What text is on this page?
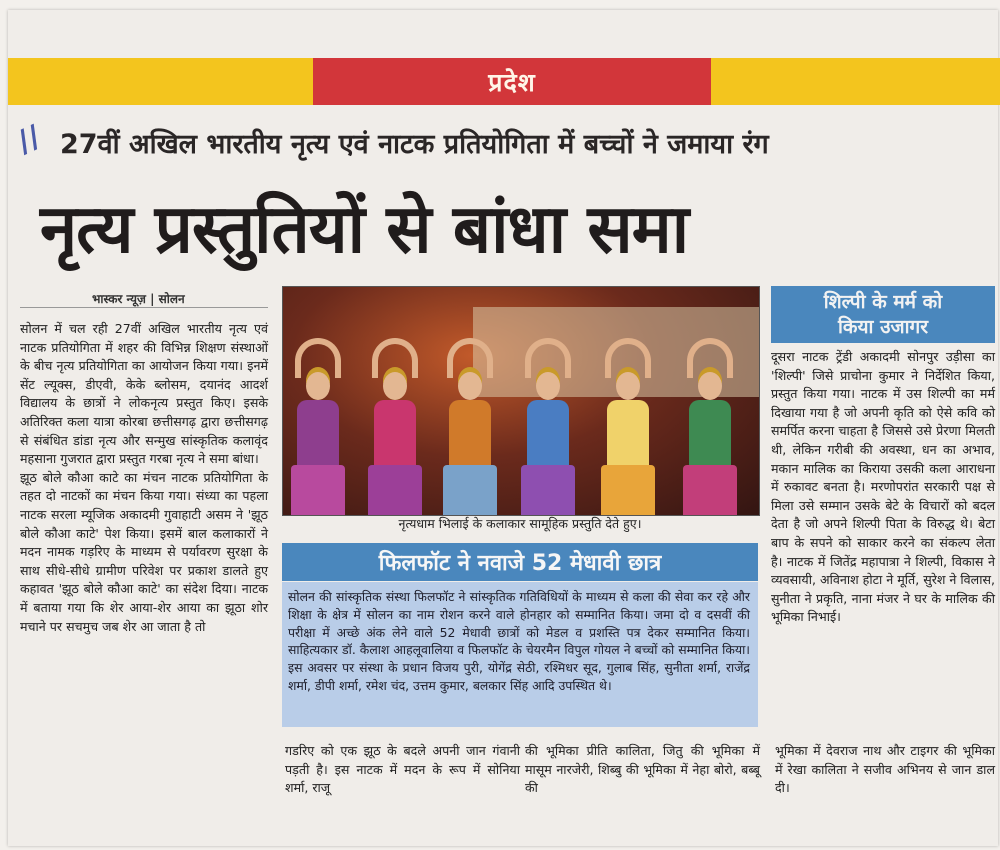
प्रदेश
// 27वीं अखिल भारतीय नृत्य एवं नाटक प्रतियोगिता में बच्चों ने जमाया रंग
नृत्य प्रस्तुतियों से बांधा समा
भास्कर न्यूज़ | सोलन

सोलन में चल रही 27वीं अखिल भारतीय नृत्य एवं नाटक प्रतियोगिता में शहर की विभिन्न शिक्षण संस्थाओं के बीच नृत्य प्रतियोगिता का आयोजन किया गया। इनमें सेंट ल्यूक्स, डीएवी, केके ब्लोसम, दयानंद आदर्श विद्यालय के छात्रों ने लोकनृत्य प्रस्तुत किए। इसके अतिरिक्त कला यात्रा कोरबा छत्तीसगढ़ द्वारा छत्तीसगढ़ से संबंधित डांडा नृत्य और सन्मुख सांस्कृतिक कलावृंद महसाना गुजरात द्वारा प्रस्तुत गरबा नृत्य ने समा बांधा।

झूठ बोले कौआ काटे का मंचन नाटक प्रतियोगिता के तहत दो नाटकों का मंचन किया गया। संध्या का पहला नाटक सरला म्यूजिक अकादमी गुवाहाटी असम ने 'झूठ बोले कौआ काटे' पेश किया। इसमें बाल कलाकारों ने मदन नामक गड़रिए के माध्यम से पर्यावरण सुरक्षा के साथ सीधे-सीधे ग्रामीण परिवेश पर प्रकाश डालते हुए कहावत 'झूठ बोले कौआ काटे' का संदेश दिया। नाटक में बताया गया कि शेर आया-शेर आया का झूठा शोर मचाने पर सचमुच जब शेर आ जाता है तो

नृत्यधाम भिलाई के कलाकार सामूहिक प्रस्तुति देते हुए।
फिलफॉट ने नवाजे 52 मेधावी छात्र
सोलन की सांस्कृतिक संस्था फिलफॉट ने सांस्कृतिक गतिविधियों के माध्यम से कला की सेवा कर रहे और शिक्षा के क्षेत्र में सोलन का नाम रोशन करने वाले होनहार को सम्मानित किया। जमा दो व दसवीं की परीक्षा में अच्छे अंक लेने वाले 52 मेधावी छात्रों को मेडल व प्रशस्ति पत्र देकर सम्मानित किया। साहित्यकार डॉ. कैलाश आहलूवालिया व फिलफॉट के चेयरमैन विपुल गोयल ने बच्चों को सम्मानित किया। इस अवसर पर संस्था के प्रधान विजय पुरी, योगेंद्र सेठी, रश्मिधर सूद, गुलाब सिंह, सुनीता शर्मा, राजेंद्र शर्मा, डीपी शर्मा, रमेश चंद, उत्तम कुमार, बलकार सिंह आदि उपस्थित थे।
गडरिए को एक झूठ के बदले अपनी जान गंवानी पड़ती है। इस नाटक में मदन के रूप में सोनिया शर्मा, राजू
की भूमिका प्रीति कालिता, जितु की भूमिका में मासूम नारजेरी, शिब्बु की भूमिका में नेहा बोरो, बब्बू की
भूमिका में देवराज नाथ और टाइगर की भूमिका में रेखा कालिता ने सजीव अभिनय से जान डाल दी।
शिल्पी के मर्म को
किया उजागर
दूसरा नाटक ट्रेंडी अकादमी सोनपुर उड़ीसा का 'शिल्पी' जिसे प्राचोना कुमार ने निर्देशित किया, प्रस्तुत किया गया। नाटक में उस शिल्पी का मर्म दिखाया गया है जो अपनी कृति को ऐसे कवि को समर्पित करना चाहता है जिससे उसे प्रेरणा मिलती थी, लेकिन गरीबी की अवस्था, धन का अभाव, मकान मालिक का किराया उसकी कला आराधना में रुकावट बनता है। मरणोपरांत सरकारी पक्ष से मिला उसे सम्मान उसके बेटे के विचारों को बदल देता है जो अपने शिल्पी पिता के विरुद्ध थे। बेटा बाप के सपने को साकार करने का संकल्प लेता है। नाटक में जितेंद्र महापात्रा ने शिल्पी, विकास ने व्यवसायी, अविनाश होटा ने मूर्ति, सुरेश ने विलास, सुनीता ने प्रकृति, नाना मंजर ने घर के मालिक की भूमिका निभाई।
